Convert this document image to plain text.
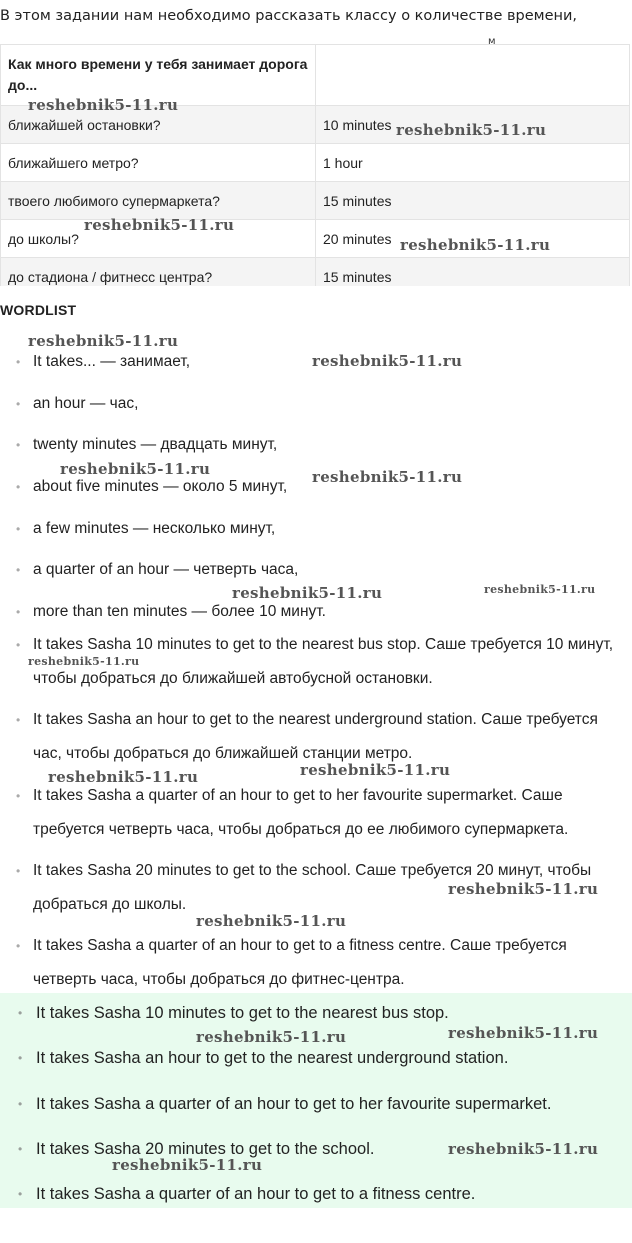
В этом задании нам необходимо рассказать классу о количестве времени,
м
Как много времени у тебя занимает дорога до...	
ближайшей остановки?	10 minutes
ближайшего метро?	1 hour
твоего любимого супермаркета?	15 minutes
до школы?	20 minutes
до стадиона / фитнесс центра?	15 minutes
WORDLIST
• It takes... — занимает,
• an hour — час,
• twenty minutes — двадцать минут,
• about five minutes — около 5 минут,
• a few minutes — несколько минут,
• a quarter of an hour — четверть часа,
• more than ten minutes — более 10 минут.
• It takes Sasha 10 minutes to get to the nearest bus stop. Саше требуется 10 минут, чтобы добраться до ближайшей автобусной остановки.
• It takes Sasha an hour to get to the nearest underground station. Саше требуется час, чтобы добраться до ближайшей станции метро.
• It takes Sasha a quarter of an hour to get to her favourite supermarket. Саше требуется четверть часа, чтобы добраться до ее любимого супермаркета.
• It takes Sasha 20 minutes to get to the school. Саше требуется 20 минут, чтобы добраться до школы.
• It takes Sasha a quarter of an hour to get to a fitness centre. Саше требуется четверть часа, чтобы добраться до фитнес-центра.
• It takes Sasha 10 minutes to get to the nearest bus stop.
• It takes Sasha an hour to get to the nearest underground station.
• It takes Sasha a quarter of an hour to get to her favourite supermarket.
• It takes Sasha 20 minutes to get to the school.
• It takes Sasha a quarter of an hour to get to a fitness centre.
reshebnik5-11.ru
reshebnik5-11.ru
reshebnik5-11.ru
reshebnik5-11.ru
reshebnik5-11.ru
reshebnik5-11.ru
reshebnik5-11.ru	reshebnik5-11.ru
reshebnik5-11.ru	reshebnik5-11.ru
reshebnik5-11.ru
reshebnik5-11.ru	reshebnik5-11.ru
reshebnik5-11.ru
reshebnik5-11.ru
reshebnik5-11.ru	reshebnik5-11.ru
reshebnik5-11.ru
reshebnik5-11.ru
